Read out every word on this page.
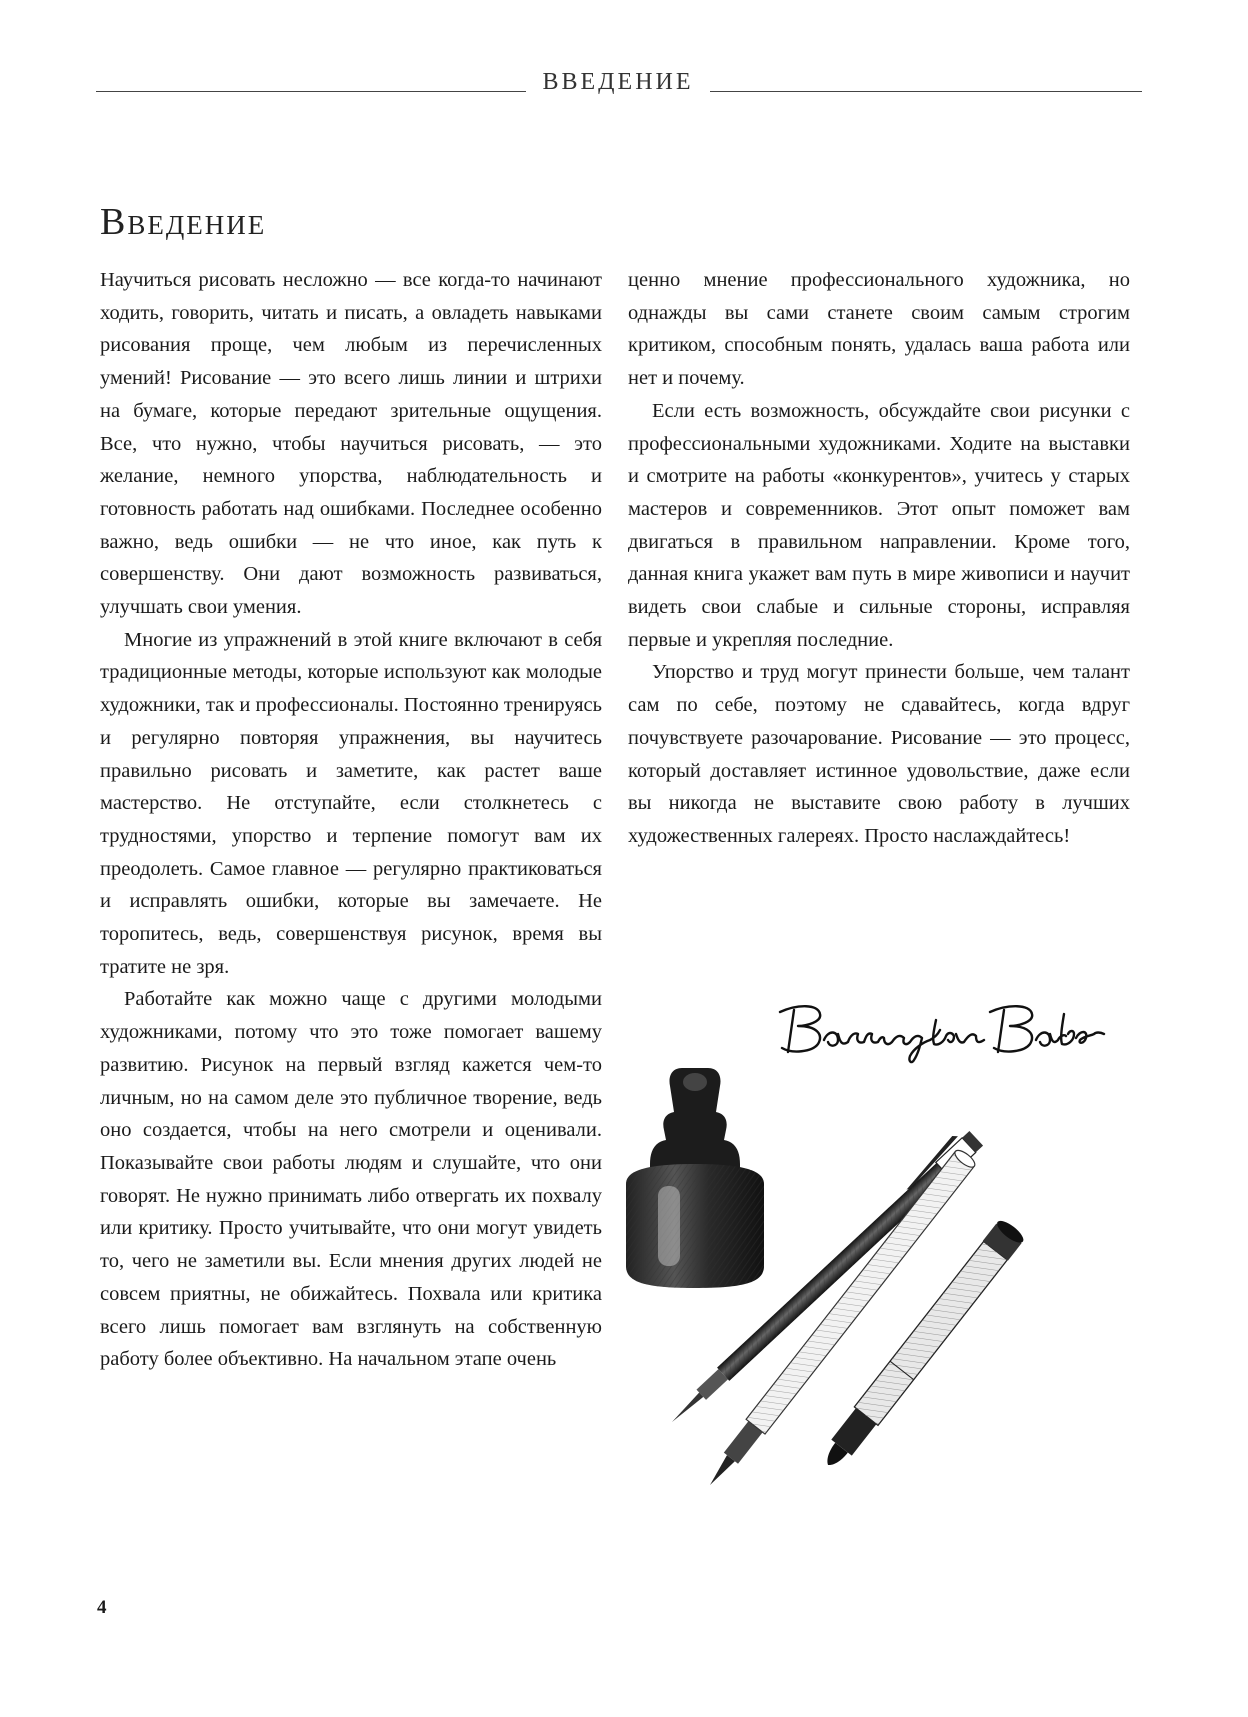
ВВЕДЕНИЕ
Введение

Научиться рисовать несложно — все когда-то начинают ходить, говорить, читать и писать, а овладеть навыками рисования проще, чем любым из перечисленных умений! Рисование — это всего лишь линии и штрихи на бумаге, которые передают зрительные ощущения. Все, что нужно, чтобы научиться рисовать, — это желание, немного упорства, наблюдательность и готовность работать над ошибками. Последнее особенно важно, ведь ошибки — не что иное, как путь к совершенству. Они дают возможность развиваться, улучшать свои умения.

Многие из упражнений в этой книге включают в себя традиционные методы, которые используют как молодые художники, так и профессионалы. Постоянно тренируясь и регулярно повторяя упражнения, вы научитесь правильно рисовать и заметите, как растет ваше мастерство. Не отступайте, если столкнетесь с трудностями, упорство и терпение помогут вам их преодолеть. Самое главное — регулярно практиковаться и исправлять ошибки, которые вы замечаете. Не торопитесь, ведь, совершенствуя рисунок, время вы тратите не зря.

Работайте как можно чаще с другими молодыми художниками, потому что это тоже помогает вашему развитию. Рисунок на первый взгляд кажется чем-то личным, но на самом деле это публичное творение, ведь оно создается, чтобы на него смотрели и оценивали. Показывайте свои работы людям и слушайте, что они говорят. Не нужно принимать либо отвергать их похвалу или критику. Просто учитывайте, что они могут увидеть то, чего не заметили вы. Если мнения других людей не совсем приятны, не обижайтесь. Похвала или критика всего лишь помогает вам взглянуть на собственную работу более объективно. На начальном этапе очень

ценно мнение профессионального художника, но однажды вы сами станете своим самым строгим критиком, способным понять, удалась ваша работа или нет и почему.

Если есть возможность, обсуждайте свои рисунки с профессиональными художниками. Ходите на выставки и смотрите на работы «конкурентов», учитесь у старых мастеров и современников. Этот опыт поможет вам двигаться в правильном направлении. Кроме того, данная книга укажет вам путь в мире живописи и научит видеть свои слабые и сильные стороны, исправляя первые и укрепляя последние.

Упорство и труд могут принести больше, чем талант сам по себе, поэтому не сдавайтесь, когда вдруг почувствуете разочарование. Рисование — это процесс, который доставляет истинное удовольствие, даже если вы никогда не выставите свою работу в лучших художественных галереях. Просто наслаждайтесь!

4
